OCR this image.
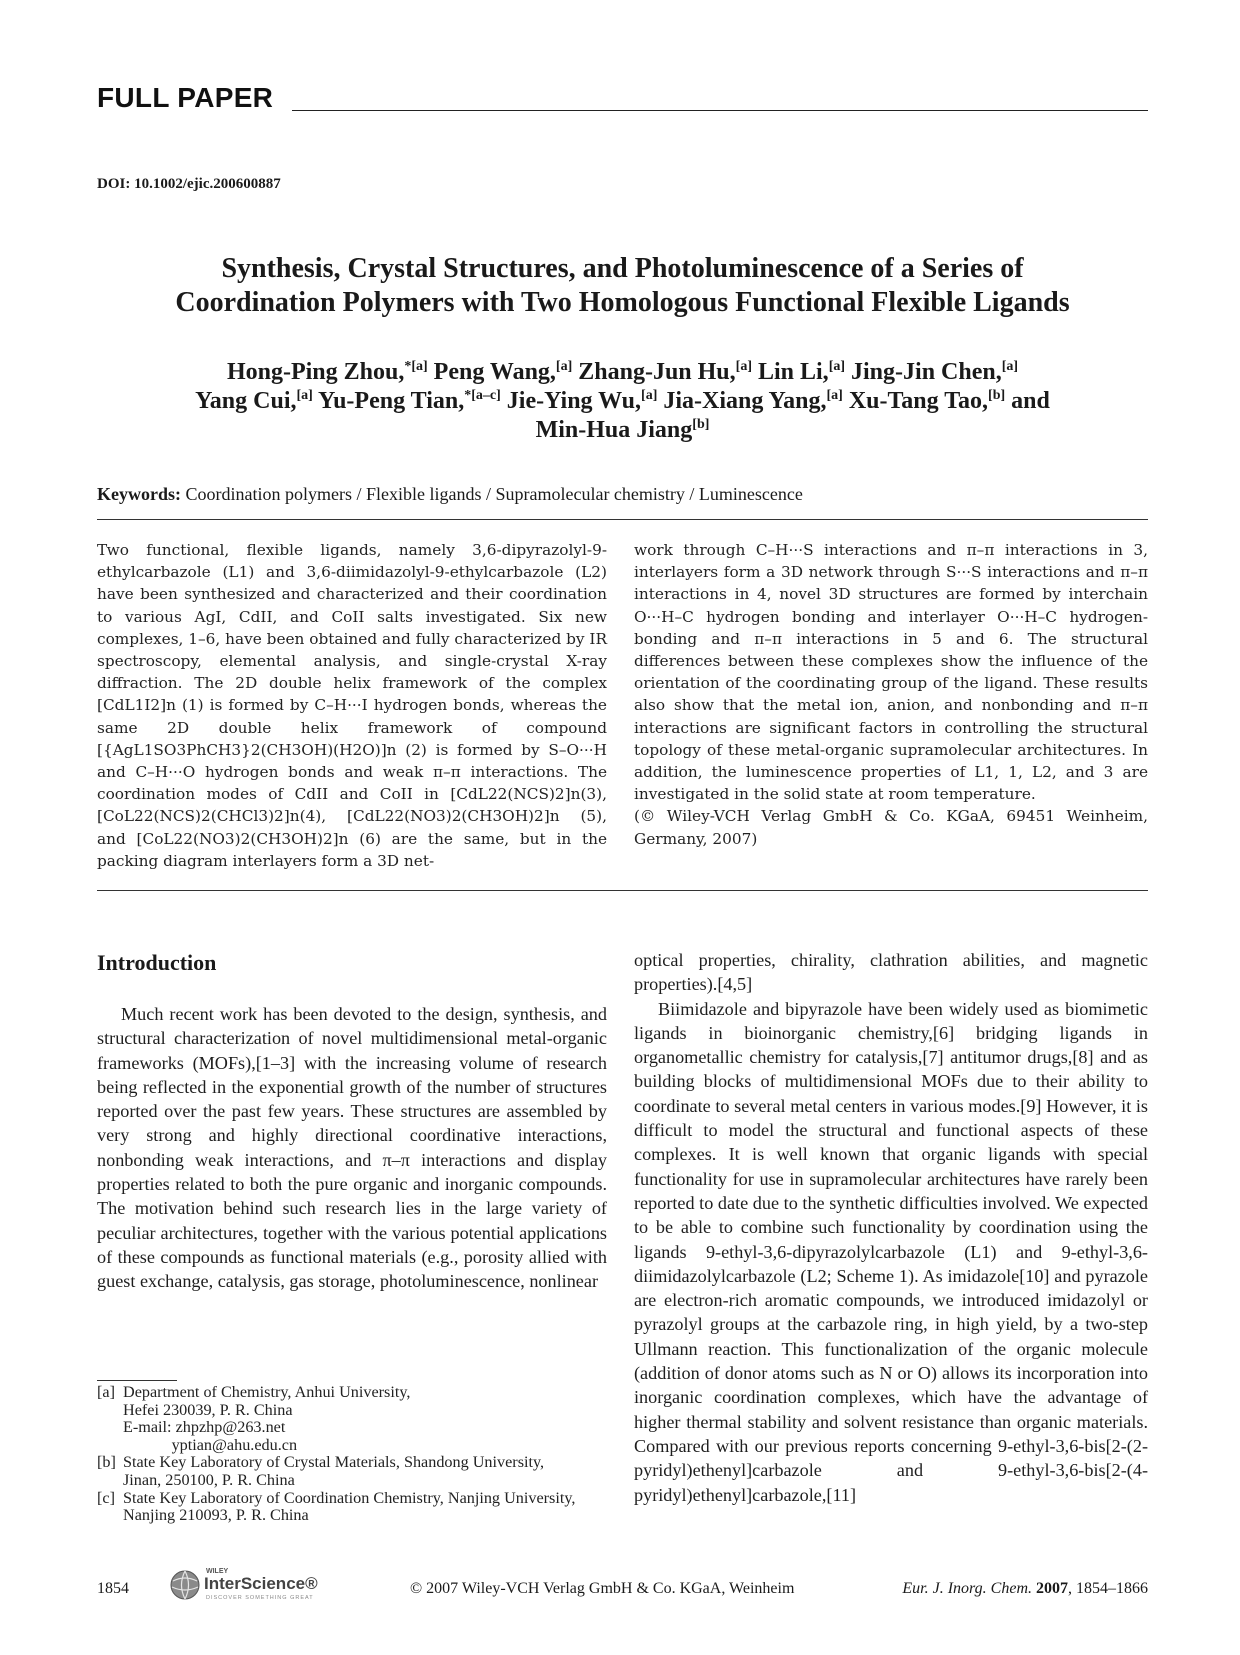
FULL PAPER
DOI: 10.1002/ejic.200600887
Synthesis, Crystal Structures, and Photoluminescence of a Series of
Coordination Polymers with Two Homologous Functional Flexible Ligands
Hong-Ping Zhou,$^{*[a]}$ Peng Wang,[a] Zhang-Jun Hu,[a] Lin Li,[a] Jing-Jin Chen,[a]
Yang Cui,[a] Yu-Peng Tian,$^{*[a-c]}$ Jie-Ying Wu,[a] Jia-Xiang Yang,[a] Xu-Tang Tao,[b] and
Min-Hua Jiang[b]
Keywords: Coordination polymers / Flexible ligands / Supramolecular chemistry / Luminescence
Two functional, flexible ligands, namely 3,6-dipyrazolyl-9-ethylcarbazole (L1) and 3,6-diimidazolyl-9-ethylcarbazole (L2) have been synthesized and characterized and their coordination to various AgI, CdII, and CoII salts investigated. Six new complexes, 1–6, have been obtained and fully characterized by IR spectroscopy, elemental analysis, and single-crystal X-ray diffraction. The 2D double helix framework of the complex [CdL1I2]n (1) is formed by C–H···I hydrogen bonds, whereas the same 2D double helix framework of compound [{AgL1SO3PhCH3}2(CH3OH)(H2O)]n (2) is formed by S–O···H and C–H···O hydrogen bonds and weak π–π interactions. The coordination modes of CdII and CoII in [CdL22(NCS)2]n(3), [CoL22(NCS)2(CHCl3)2]n(4), [CdL22(NO3)2(CH3OH)2]n (5), and [CoL22(NO3)2(CH3OH)2]n (6) are the same, but in the packing diagram interlayers form a 3D net-
work through C–H···S interactions and π–π interactions in 3, interlayers form a 3D network through S···S interactions and π–π interactions in 4, novel 3D structures are formed by interchain O···H–C hydrogen bonding and interlayer O···H–C hydrogen-bonding and π–π interactions in 5 and 6. The structural differences between these complexes show the influence of the orientation of the coordinating group of the ligand. These results also show that the metal ion, anion, and nonbonding and π–π interactions are significant factors in controlling the structural topology of these metal-organic supramolecular architectures. In addition, the luminescence properties of L1, 1, L2, and 3 are investigated in the solid state at room temperature.
(© Wiley-VCH Verlag GmbH & Co. KGaA, 69451 Weinheim, Germany, 2007)
Introduction
Much recent work has been devoted to the design, synthesis, and structural characterization of novel multidimensional metal-organic frameworks (MOFs),[1–3] with the increasing volume of research being reflected in the exponential growth of the number of structures reported over the past few years. These structures are assembled by very strong and highly directional coordinative interactions, nonbonding weak interactions, and π–π interactions and display properties related to both the pure organic and inorganic compounds. The motivation behind such research lies in the large variety of peculiar architectures, together with the various potential applications of these compounds as functional materials (e.g., porosity allied with guest exchange, catalysis, gas storage, photoluminescence, nonlinear
optical properties, chirality, clathration abilities, and magnetic properties).[4,5]
Biimidazole and bipyrazole have been widely used as biomimetic ligands in bioinorganic chemistry,[6] bridging ligands in organometallic chemistry for catalysis,[7] antitumor drugs,[8] and as building blocks of multidimensional MOFs due to their ability to coordinate to several metal centers in various modes.[9] However, it is difficult to model the structural and functional aspects of these complexes. It is well known that organic ligands with special functionality for use in supramolecular architectures have rarely been reported to date due to the synthetic difficulties involved. We expected to be able to combine such functionality by coordination using the ligands 9-ethyl-3,6-dipyrazolylcarbazole (L1) and 9-ethyl-3,6-diimidazolylcarbazole (L2; Scheme 1). As imidazole[10] and pyrazole are electron-rich aromatic compounds, we introduced imidazolyl or pyrazolyl groups at the carbazole ring, in high yield, by a two-step Ullmann reaction. This functionalization of the organic molecule (addition of donor atoms such as N or O) allows its incorporation into inorganic coordination complexes, which have the advantage of higher thermal stability and solvent resistance than organic materials. Compared with our previous reports concerning 9-ethyl-3,6-bis[2-(2-pyridyl)ethenyl]carbazole and 9-ethyl-3,6-bis[2-(4-pyridyl)ethenyl]carbazole,[11]
[a] Department of Chemistry, Anhui University,
Hefei 230039, P. R. China
E-mail: zhpzhp@263.net
yptian@ahu.edu.cn
[b] State Key Laboratory of Crystal Materials, Shandong University,
Jinan, 250100, P. R. China
[c] State Key Laboratory of Coordination Chemistry, Nanjing University,
Nanjing 210093, P. R. China
1854
WILEY
InterScience®
DISCOVER SOMETHING GREAT
© 2007 Wiley-VCH Verlag GmbH & Co. KGaA, Weinheim	Eur. J. Inorg. Chem. 2007, 1854–1866
